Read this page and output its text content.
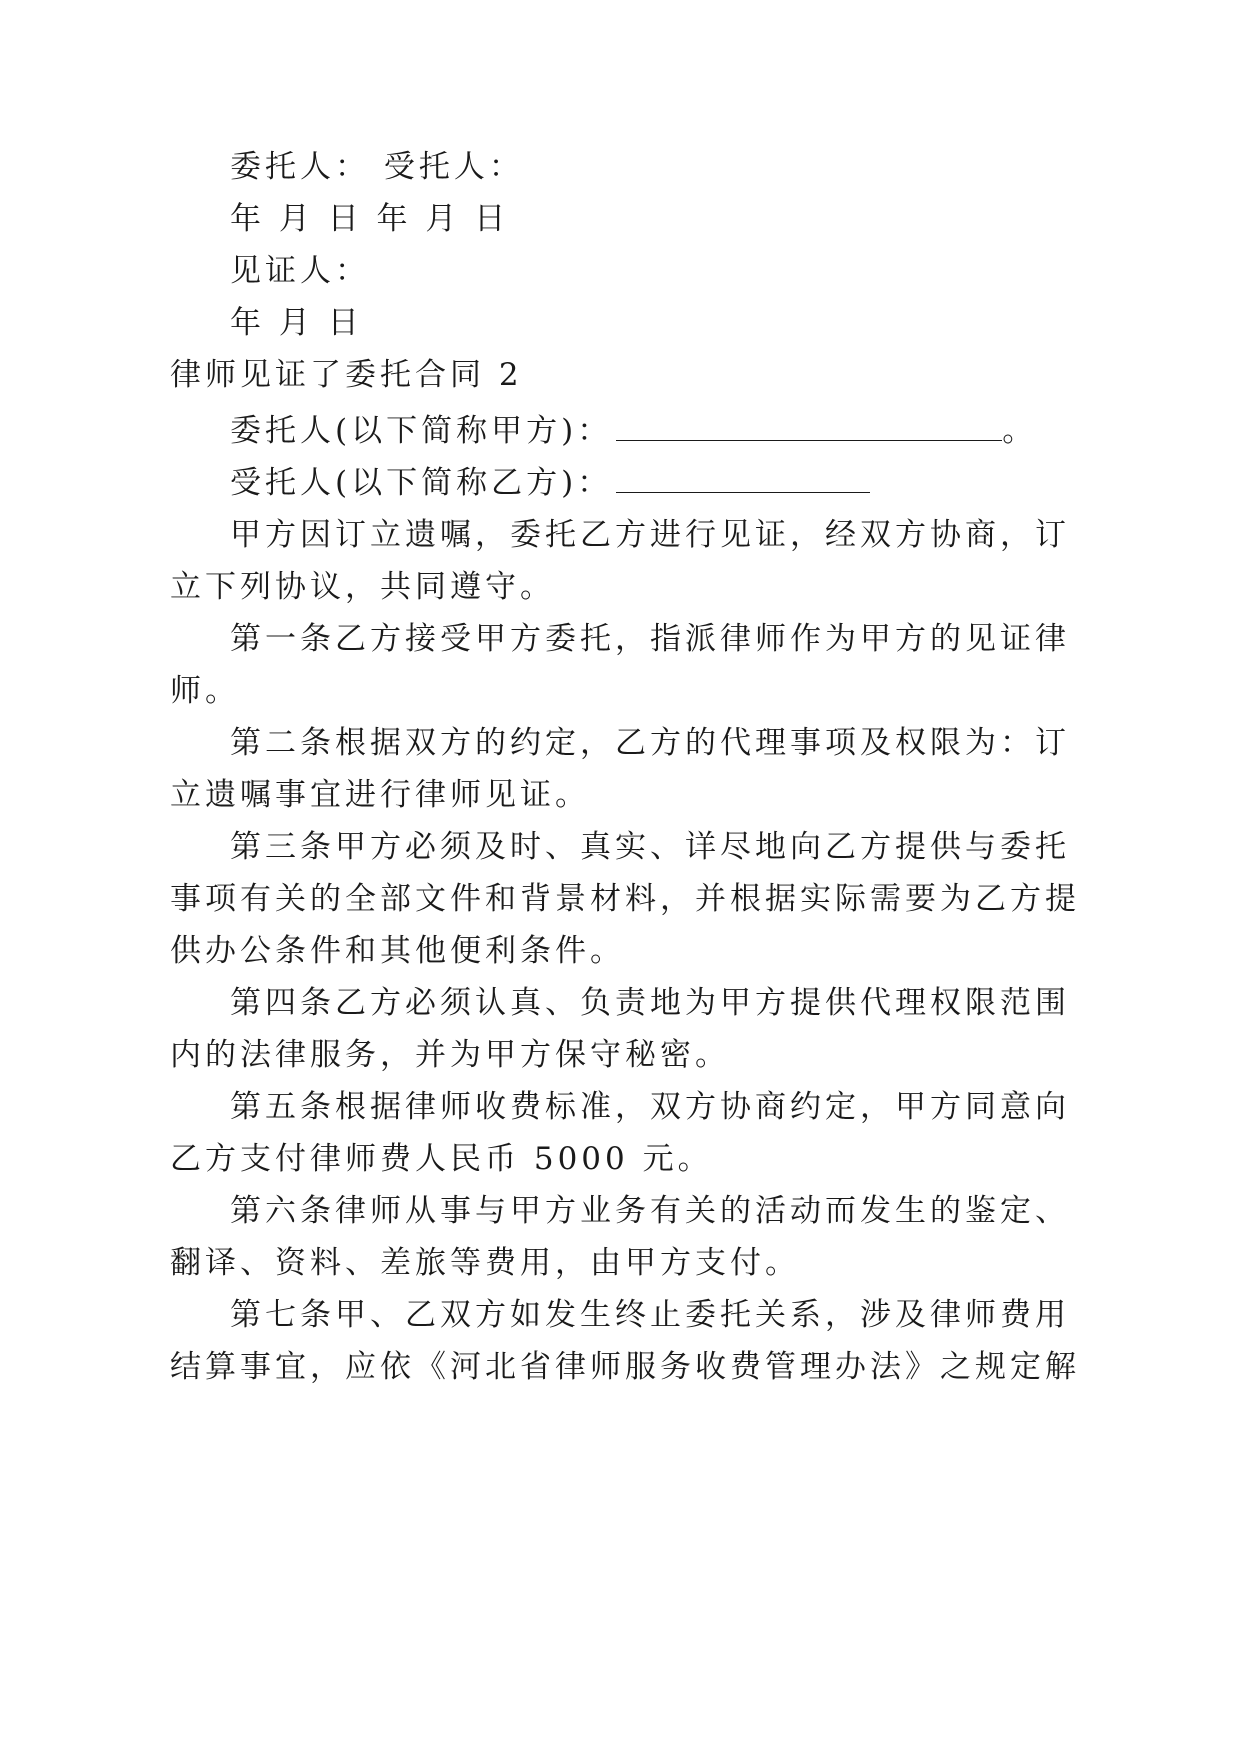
委托人： 受托人：
年 月 日 年 月 日
见证人：
年 月 日
律师见证了委托合同 2
委托人(以下简称甲方)：	。
受托人(以下简称乙方)：
甲方因订立遗嘱，委托乙方进行见证，经双方协商，订
立下列协议，共同遵守。
第一条乙方接受甲方委托，指派律师作为甲方的见证律
师。
第二条根据双方的约定，乙方的代理事项及权限为：订
立遗嘱事宜进行律师见证。
第三条甲方必须及时、真实、详尽地向乙方提供与委托
事项有关的全部文件和背景材料，并根据实际需要为乙方提
供办公条件和其他便利条件。
第四条乙方必须认真、负责地为甲方提供代理权限范围
内的法律服务，并为甲方保守秘密。
第五条根据律师收费标准，双方协商约定，甲方同意向
乙方支付律师费人民币 5000 元。
第六条律师从事与甲方业务有关的活动而发生的鉴定、
翻译、资料、差旅等费用，由甲方支付。
第七条甲、乙双方如发生终止委托关系，涉及律师费用
结算事宜，应依《河北省律师服务收费管理办法》之规定解
